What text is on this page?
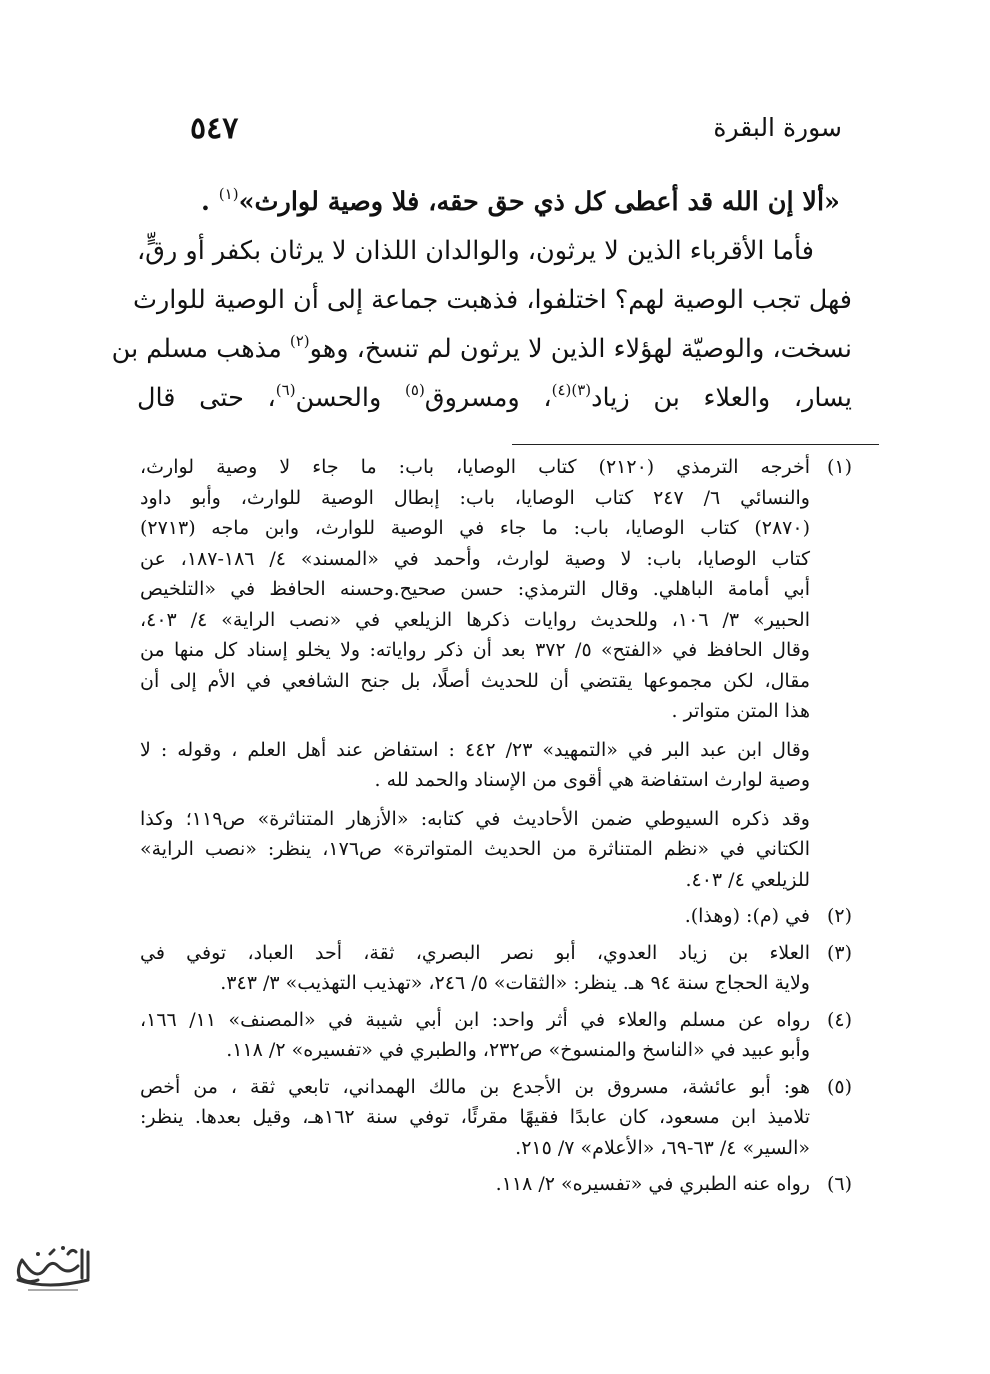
سورة البقرة
٥٤٧

«ألا إن الله قد أعطى كل ذي حق حقه، فلا وصية لوارث»$^{(١)}$ .

فأما الأقرباء الذين لا يرثون، والوالدان اللذان لا يرثان بكفر أو رقٍّ،

فهل تجب الوصية لهم؟ اختلفوا، فذهبت جماعة إلى أن الوصية للوارث

نسخت، والوصيّة لهؤلاء الذين لا يرثون لم تنسخ، وهو$^{(٢)}$ مذهب مسلم بن

يسار، والعلاء بن زياد$^{(٣)(٤)}$، ومسروق$^{(٥)}$ والحسن$^{(٦)}$، حتى قال

(١)
أخرجه الترمذي (٢١٢٠) كتاب الوصايا، باب: ما جاء لا وصية لوارث،
والنسائي ٦/ ٢٤٧ كتاب الوصايا، باب: إبطال الوصية للوارث، وأبو داود
(٢٨٧٠) كتاب الوصايا، باب: ما جاء في الوصية للوارث، وابن ماجه (٢٧١٣)
كتاب الوصايا، باب: لا وصية لوارث، وأحمد في «المسند» ٤/ ١٨٦-١٨٧، عن
أبي أمامة الباهلي. وقال الترمذي: حسن صحيح.وحسنه الحافظ في «التلخيص
الحبير» ٣/ ١٠٦، وللحديث روايات ذكرها الزيلعي في «نصب الراية» ٤/ ٤٠٣،
وقال الحافظ في «الفتح» ٥/ ٣٧٢ بعد أن ذكر رواياته: ولا يخلو إسناد كل منها من
مقال، لكن مجموعها يقتضي أن للحديث أصلًا، بل جنح الشافعي في الأم إلى أن
هذا المتن متواتر .
وقال ابن عبد البر في «التمهيد» ٢٣/ ٤٤٢ : استفاض عند أهل العلم ، وقوله : لا
وصية لوارث استفاضة هي أقوى من الإسناد والحمد لله .
وقد ذكره السيوطي ضمن الأحاديث في كتابه: «الأزهار المتناثرة» ص١١٩؛ وكذا
الكتاني في «نظم المتناثرة من الحديث المتواترة» ص١٧٦، ينظر: «نصب الراية»
للزيلعي ٤/ ٤٠٣.
(٢)
في (م): (وهذا).
(٣)
العلاء بن زياد العدوي، أبو نصر البصري، ثقة، أحد العباد، توفي في
ولاية الحجاج سنة ٩٤ هـ. ينظر: «الثقات» ٥/ ٢٤٦، «تهذيب التهذيب» ٣/ ٣٤٣.
(٤)
رواه عن مسلم والعلاء في أثر واحد: ابن أبي شيبة في «المصنف» ١١/ ١٦٦،
وأبو عبيد في «الناسخ والمنسوخ» ص٢٣٢، والطبري في «تفسيره» ٢/ ١١٨.
(٥)
هو: أبو عائشة، مسروق بن الأجدع بن مالك الهمداني، تابعي ثقة ، من أخص
تلاميذ ابن مسعود، كان عابدًا فقيهًا مقرئًا، توفي سنة ١٦٢هـ، وقيل بعدها. ينظر:
«السير» ٤/ ٦٣-٦٩، «الأعلام» ٧/ ٢١٥.
(٦)
رواه عنه الطبري في «تفسيره» ٢/ ١١٨.
